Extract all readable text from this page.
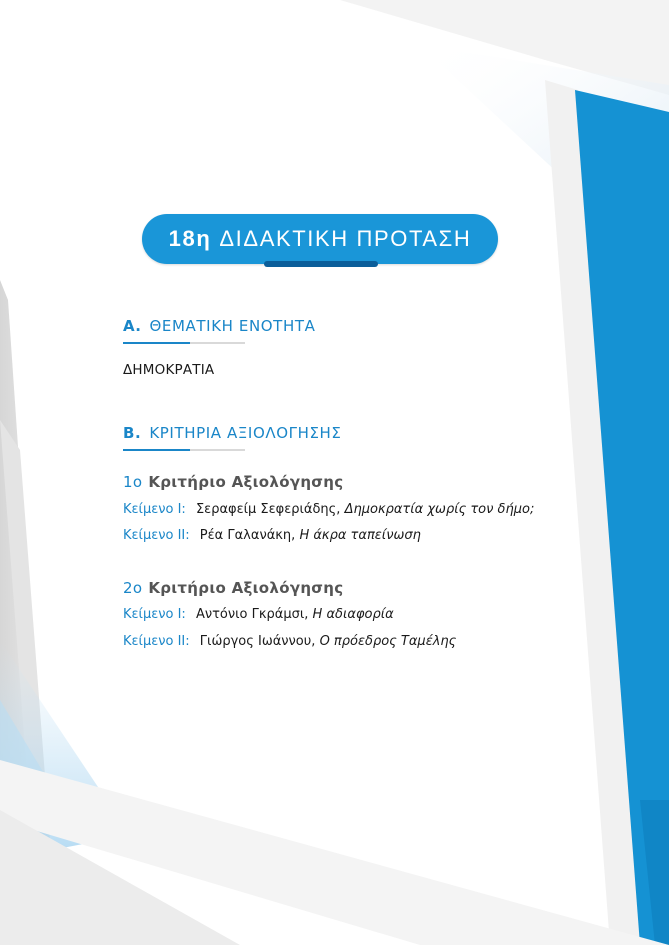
18η ΔΙΔΑΚΤΙΚΗ ΠΡΟΤΑΣΗ
Α. ΘΕΜΑΤΙΚΗ ΕΝΟΤΗΤΑ
ΔΗΜΟΚΡΑΤΙΑ
Β. ΚΡΙΤΗΡΙΑ ΑΞΙΟΛΟΓΗΣΗΣ
1ο Κριτήριο Αξιολόγησης
Κείμενο Ι: Σεραφείμ Σεφεριάδης, Δημοκρατία χωρίς τον δήμο;
Κείμενο ΙΙ: Ρέα Γαλανάκη, Η άκρα ταπείνωση
2ο Κριτήριο Αξιολόγησης
Κείμενο Ι: Αντόνιο Γκράμσι, Η αδιαφορία
Κείμενο ΙΙ: Γιώργος Ιωάννου, Ο πρόεδρος Ταμέλης
